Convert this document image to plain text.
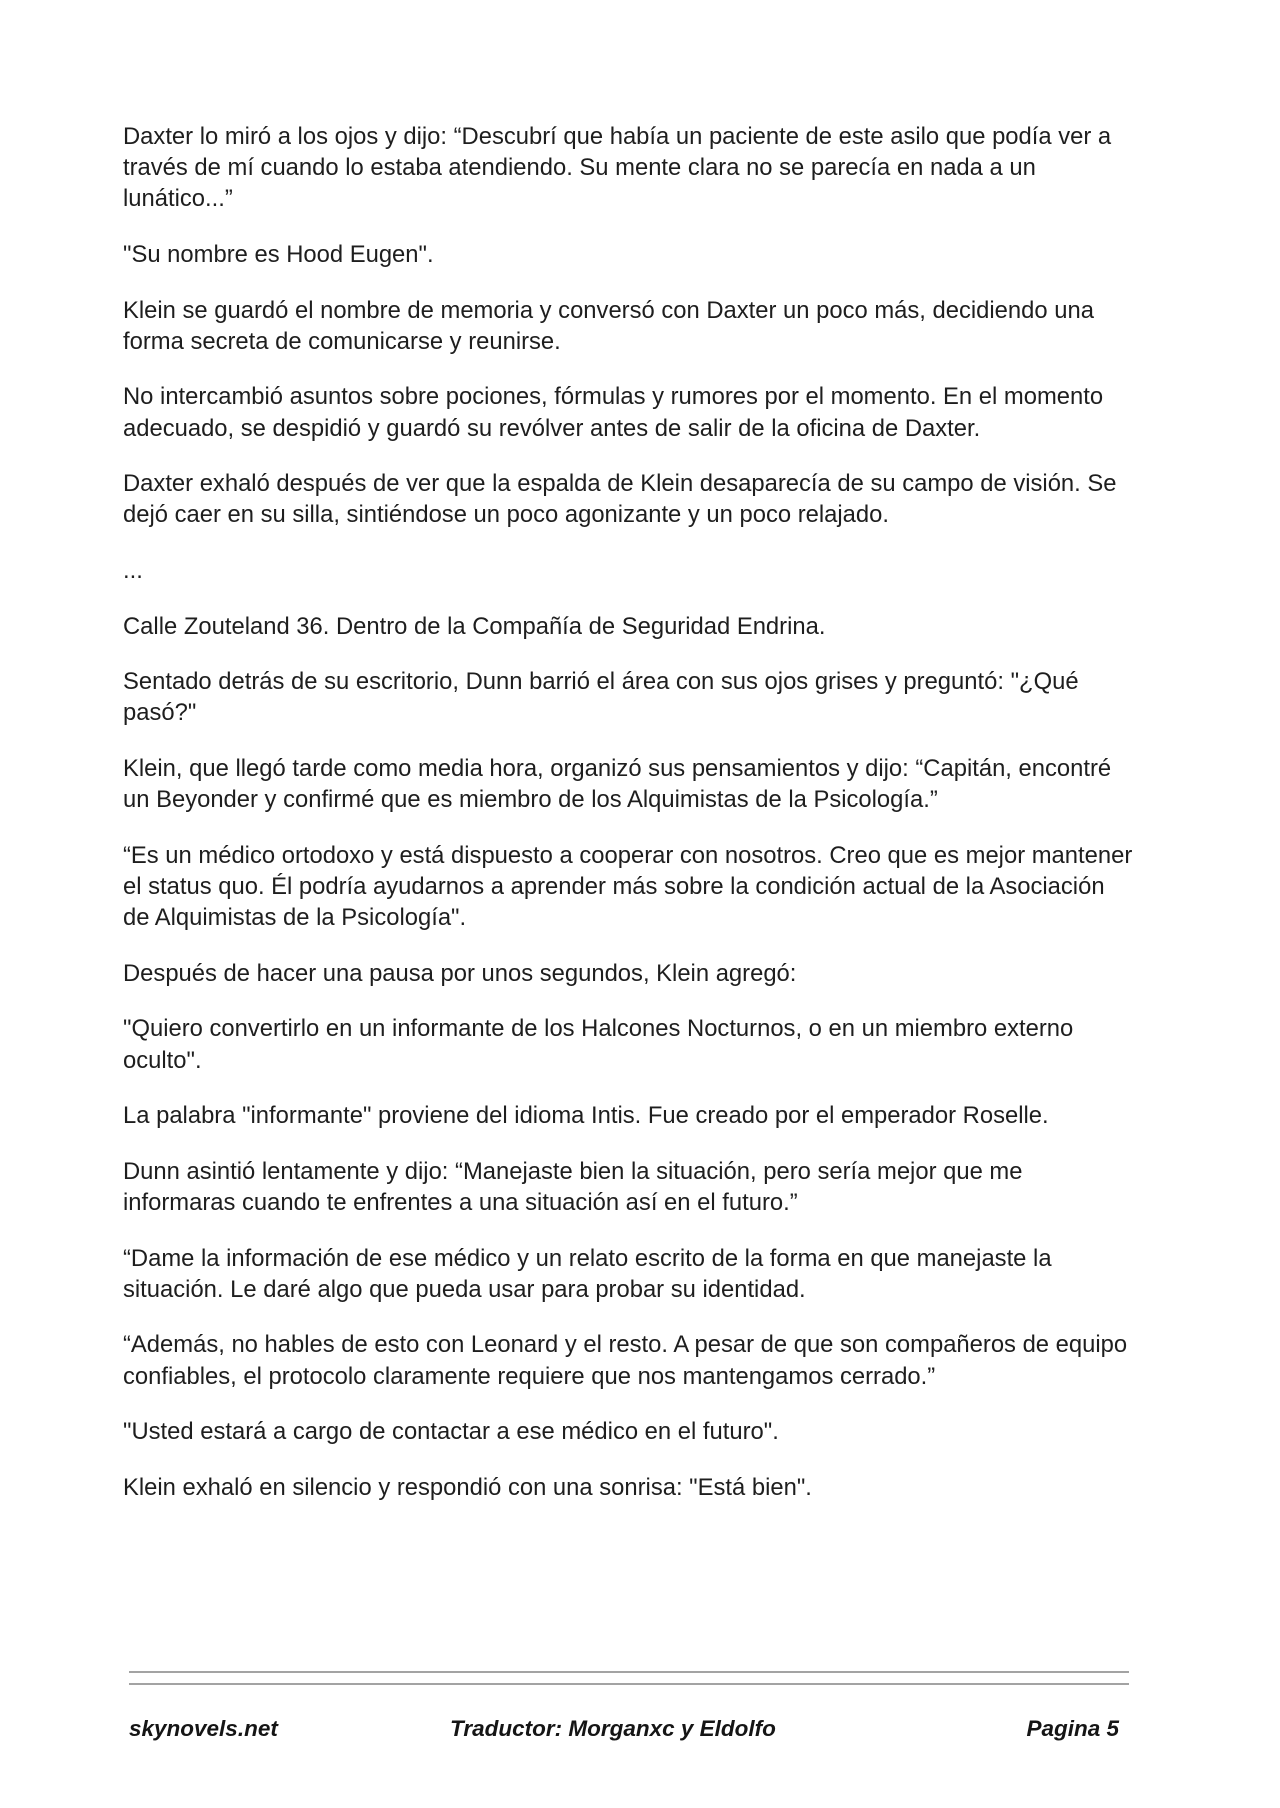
Daxter lo miró a los ojos y dijo: “Descubrí que había un paciente de este asilo que podía ver a
través de mí cuando lo estaba atendiendo. Su mente clara no se parecía en nada a un
lunático...”

"Su nombre es Hood Eugen".

Klein se guardó el nombre de memoria y conversó con Daxter un poco más, decidiendo una
forma secreta de comunicarse y reunirse.

No intercambió asuntos sobre pociones, fórmulas y rumores por el momento. En el momento
adecuado, se despidió y guardó su revólver antes de salir de la oficina de Daxter.

Daxter exhaló después de ver que la espalda de Klein desaparecía de su campo de visión. Se
dejó caer en su silla, sintiéndose un poco agonizante y un poco relajado.

...

Calle Zouteland 36. Dentro de la Compañía de Seguridad Endrina.

Sentado detrás de su escritorio, Dunn barrió el área con sus ojos grises y preguntó: "¿Qué
pasó?"

Klein, que llegó tarde como media hora, organizó sus pensamientos y dijo: “Capitán, encontré
un Beyonder y confirmé que es miembro de los Alquimistas de la Psicología.”

“Es un médico ortodoxo y está dispuesto a cooperar con nosotros. Creo que es mejor mantener
el status quo. Él podría ayudarnos a aprender más sobre la condición actual de la Asociación
de Alquimistas de la Psicología".

Después de hacer una pausa por unos segundos, Klein agregó:

"Quiero convertirlo en un informante de los Halcones Nocturnos, o en un miembro externo
oculto".

La palabra "informante" proviene del idioma Intis. Fue creado por el emperador Roselle.

Dunn asintió lentamente y dijo: “Manejaste bien la situación, pero sería mejor que me
informaras cuando te enfrentes a una situación así en el futuro.”

“Dame la información de ese médico y un relato escrito de la forma en que manejaste la
situación. Le daré algo que pueda usar para probar su identidad.

“Además, no hables de esto con Leonard y el resto. A pesar de que son compañeros de equipo
confiables, el protocolo claramente requiere que nos mantengamos cerrado.”

"Usted estará a cargo de contactar a ese médico en el futuro".

Klein exhaló en silencio y respondió con una sonrisa: "Está bien".

skynovels.net	Traductor: Morganxc y Eldolfo	Pagina 5
